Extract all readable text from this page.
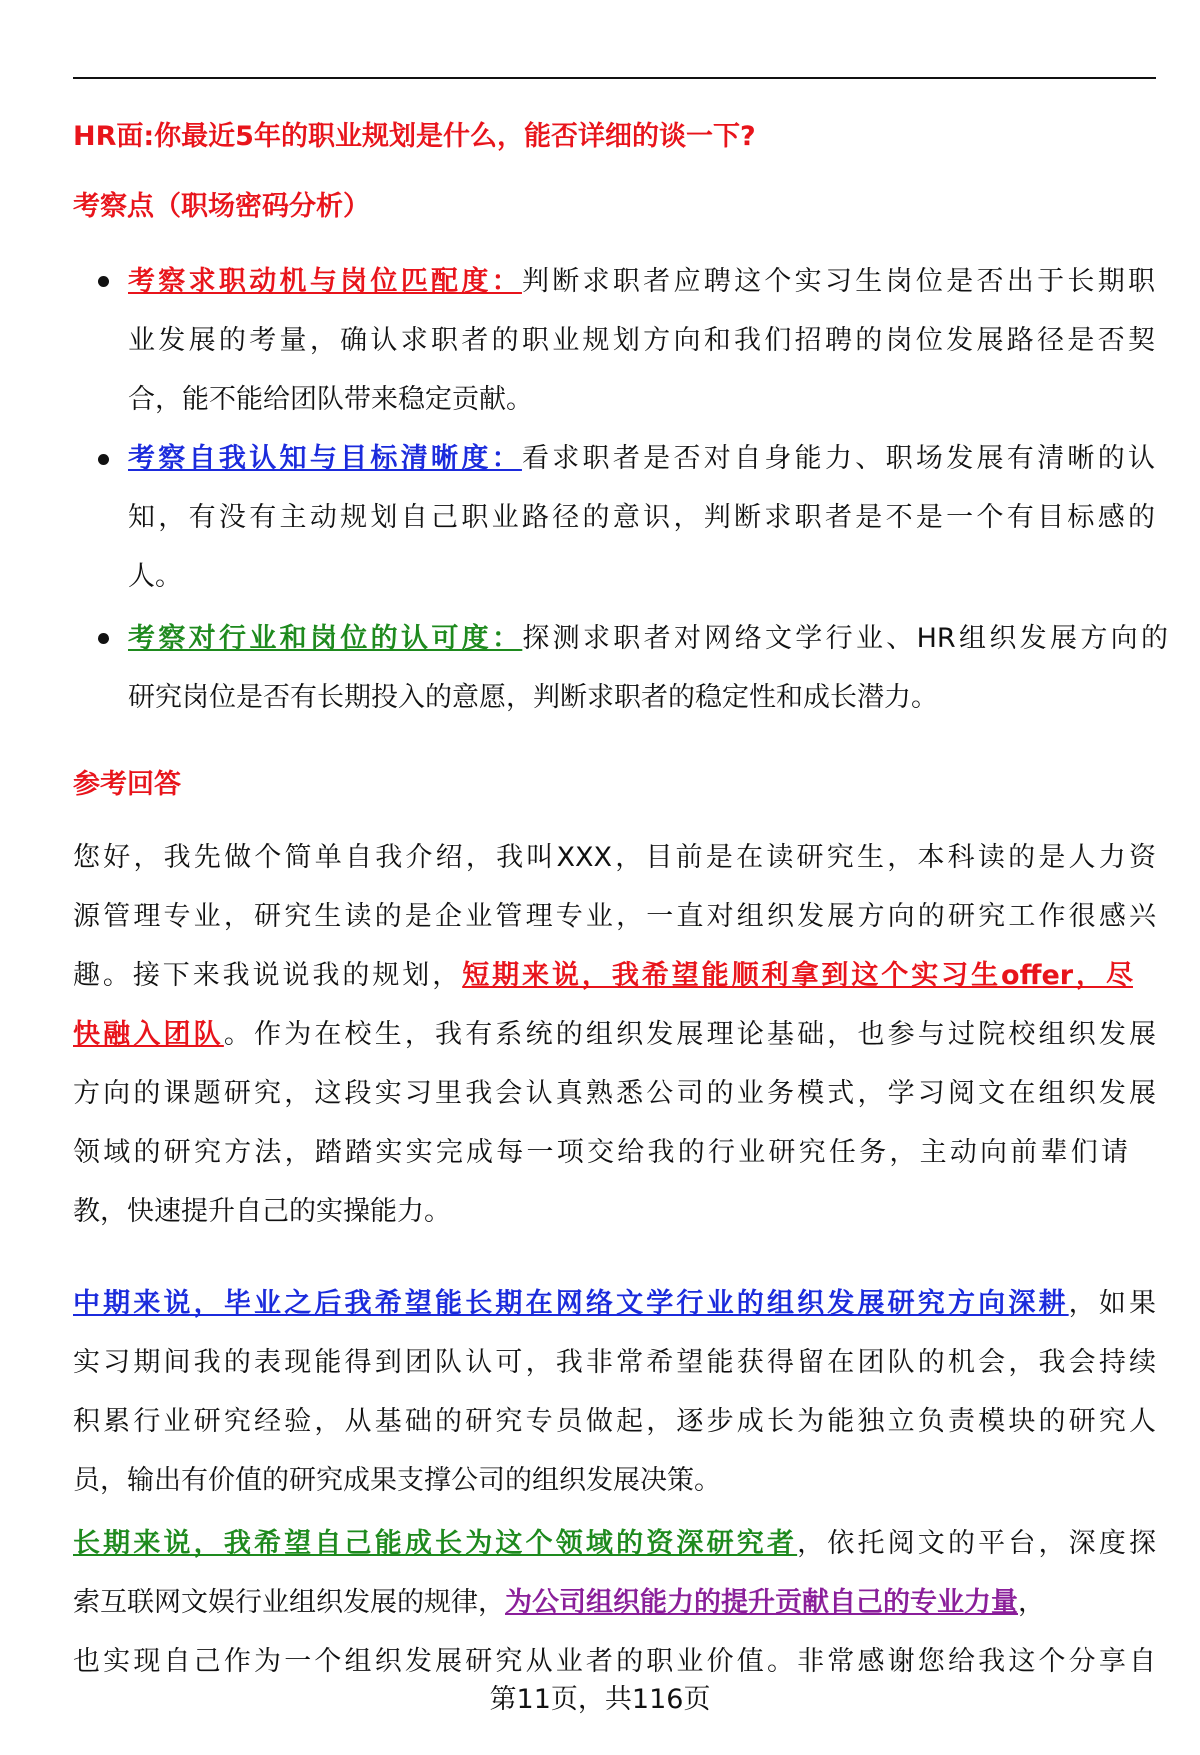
HR面:你最近5年的职业规划是什么，能否详细的谈一下?
考察点（职场密码分析）
考察求职动机与岗位匹配度：判断求职者应聘这个实习生岗位是否出于长期职
业发展的考量，确认求职者的职业规划方向和我们招聘的岗位发展路径是否契
合，能不能给团队带来稳定贡献。
考察自我认知与目标清晰度：看求职者是否对自身能力、职场发展有清晰的认
知，有没有主动规划自己职业路径的意识，判断求职者是不是一个有目标感的
人。
考察对行业和岗位的认可度：探测求职者对网络文学行业、HR组织发展方向的
研究岗位是否有长期投入的意愿，判断求职者的稳定性和成长潜力。
参考回答
您好，我先做个简单自我介绍，我叫XXX，目前是在读研究生，本科读的是人力资
源管理专业，研究生读的是企业管理专业，一直对组织发展方向的研究工作很感兴
趣。接下来我说说我的规划，短期来说，我希望能顺利拿到这个实习生offer，尽
快融入团队。作为在校生，我有系统的组织发展理论基础，也参与过院校组织发展
方向的课题研究，这段实习里我会认真熟悉公司的业务模式，学习阅文在组织发展
领域的研究方法，踏踏实实完成每一项交给我的行业研究任务，主动向前辈们请
教，快速提升自己的实操能力。
中期来说，毕业之后我希望能长期在网络文学行业的组织发展研究方向深耕，如果
实习期间我的表现能得到团队认可，我非常希望能获得留在团队的机会，我会持续
积累行业研究经验，从基础的研究专员做起，逐步成长为能独立负责模块的研究人
员，输出有价值的研究成果支撑公司的组织发展决策。
长期来说，我希望自己能成长为这个领域的资深研究者，依托阅文的平台，深度探
索互联网文娱行业组织发展的规律，为公司组织能力的提升贡献自己的专业力量，
也实现自己作为一个组织发展研究从业者的职业价值。非常感谢您给我这个分享自
第11页，共116页
